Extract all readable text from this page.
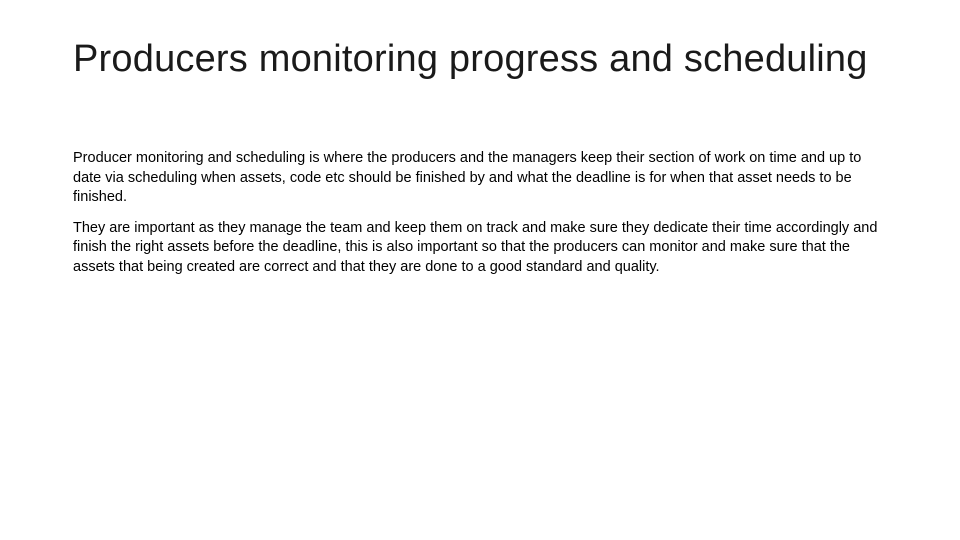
Producers monitoring progress and scheduling

Producer monitoring and scheduling is where the producers and the managers keep their section of work on time and up to date via scheduling when assets, code etc should be finished by and what the deadline is for when that asset needs to be finished.

They are important as they manage the team and keep them on track and make sure they dedicate their time accordingly and finish the right assets before the deadline, this is also important so that the producers can monitor and make sure that the assets that being created are correct and that they are done to a good standard and quality.
